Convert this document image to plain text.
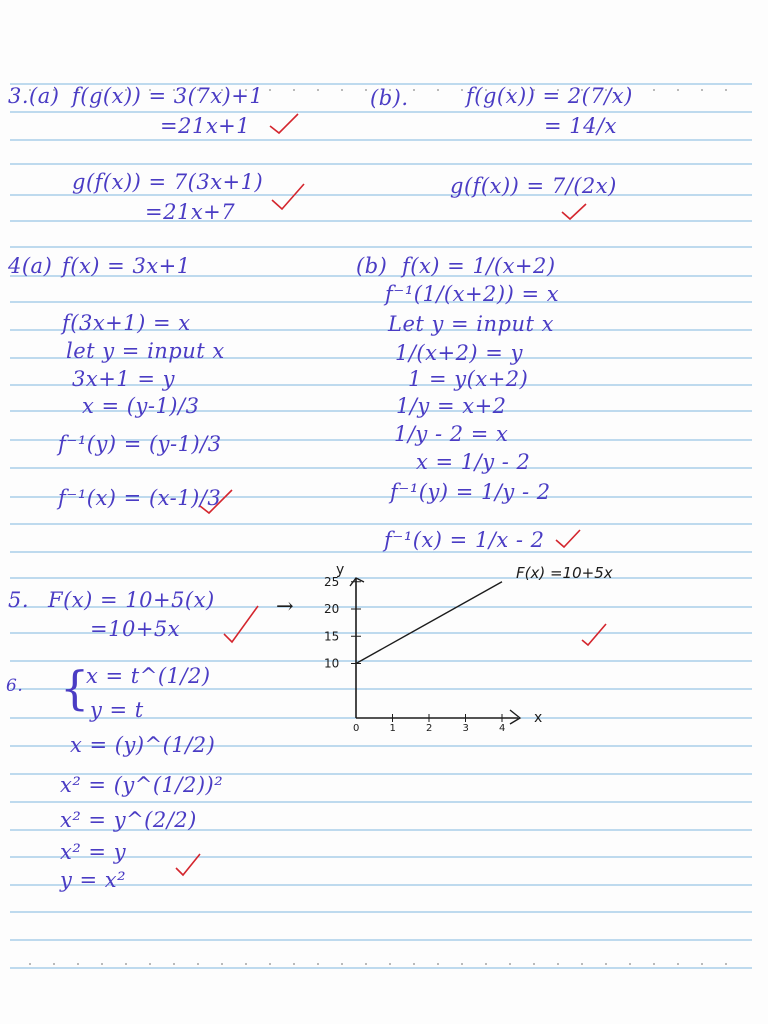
3.(a) f(g(x)) = 3(7x)+1
=21x+1
g(f(x)) = 7(3x+1)
=21x+7
(b).	f(g(x)) = 2(7/x)
= 14/x
g(f(x)) = 7/(2x)
4(a) f(x) = 3x+1
f(3x+1) = x
let y = input x
3x+1 = y
x = (y-1)/3
f⁻¹(y) = (y-1)/3
f⁻¹(x) = (x-1)/3
(b) f(x) = 1/(x+2)
f⁻¹(1/(x+2)) = x
Let y = input x
1/(x+2) = y
1 = y(x+2)
1/y = x+2
1/y - 2 = x
x = 1/y - 2
f⁻¹(y) = 1/y - 2
f⁻¹(x) = 1/x - 2
5. F(x) = 10+5(x)
=10+5x
→
6. {
x = t^(1/2)
y = t
x = (y)^(1/2)
x² = (y^(1/2))²
x² = y^(2/2)
x² = y
y = x²
y
x
0	1	2	3	4
10
15
20
25	F(x) =10+5x
